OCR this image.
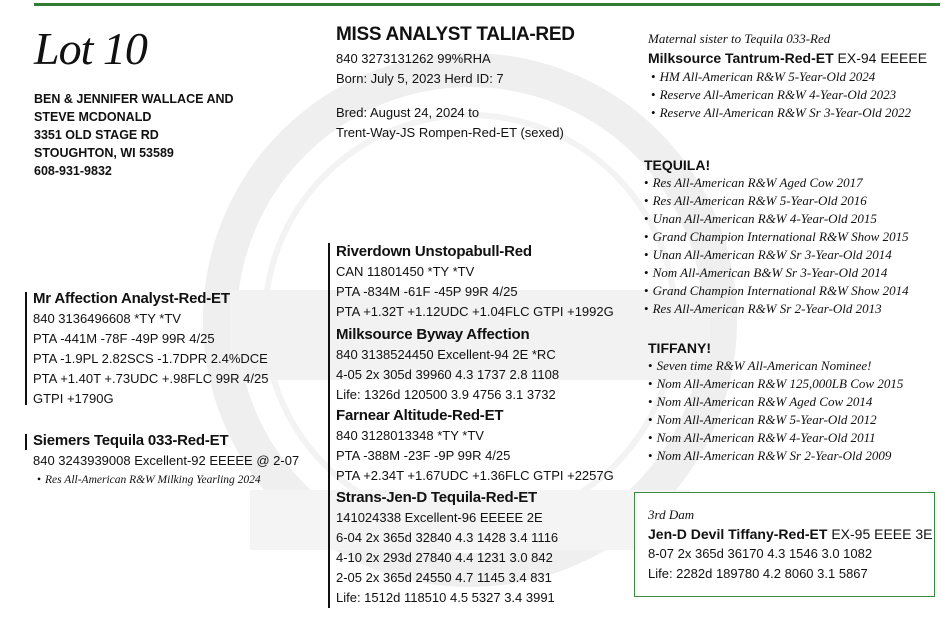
Lot 10
BEN & JENNIFER WALLACE AND
STEVE MCDONALD
3351 OLD STAGE RD
STOUGHTON, WI 53589
608-931-9832
MISS ANALYST TALIA-RED
840 3273131262 99%RHA
Born: July 5, 2023 Herd ID: 7
Bred: August 24, 2024 to
Trent-Way-JS Rompen-Red-ET (sexed)
Mr Affection Analyst-Red-ET
840 3136496608 *TY *TV
PTA -441M -78F -49P 99R 4/25
PTA -1.9PL 2.82SCS -1.7DPR 2.4%DCE
PTA +1.40T +.73UDC +.98FLC 99R 4/25
GTPI +1790G
Siemers Tequila 033-Red-ET
840 3243939008 Excellent-92 EEEEE @ 2-07
• Res All-American R&W Milking Yearling 2024
Riverdown Unstopabull-Red
CAN 11801450 *TY *TV
PTA -834M -61F -45P 99R 4/25
PTA +1.32T +1.12UDC +1.04FLC GTPI +1992G
Milksource Byway Affection
840 3138524450 Excellent-94 2E *RC
4-05 2x 305d 39960 4.3 1737 2.8 1108
Life: 1326d 120500 3.9 4756 3.1 3732
Farnear Altitude-Red-ET
840 3128013348 *TY *TV
PTA -388M -23F -9P 99R 4/25
PTA +2.34T +1.67UDC +1.36FLC GTPI +2257G
Strans-Jen-D Tequila-Red-ET
141024338 Excellent-96 EEEEE 2E
6-04 2x 365d 32840 4.3 1428 3.4 1116
4-10 2x 293d 27840 4.4 1231 3.0 842
2-05 2x 365d 24550 4.7 1145 3.4 831
Life: 1512d 118510 4.5 5327 3.4 3991
Maternal sister to Tequila 033-Red
Milksource Tantrum-Red-ET EX-94 EEEEE
• HM All-American R&W 5-Year-Old 2024
• Reserve All-American R&W 4-Year-Old 2023
• Reserve All-American R&W Sr 3-Year-Old 2022
TEQUILA!
• Res All-American R&W Aged Cow 2017
• Res All-American R&W 5-Year-Old 2016
• Unan All-American R&W 4-Year-Old 2015
• Grand Champion International R&W Show 2015
• Unan All-American R&W Sr 3-Year-Old 2014
• Nom All-American B&W Sr 3-Year-Old 2014
• Grand Champion International R&W Show 2014
• Res All-American R&W Sr 2-Year-Old 2013
TIFFANY!
• Seven time R&W All-American Nominee!
• Nom All-American R&W 125,000LB Cow 2015
• Nom All-American R&W Aged Cow 2014
• Nom All-American R&W 5-Year-Old 2012
• Nom All-American R&W 4-Year-Old 2011
• Nom All-American R&W Sr 2-Year-Old 2009
3rd Dam
Jen-D Devil Tiffany-Red-ET EX-95 EEEE 3E
8-07 2x 365d 36170 4.3 1546 3.0 1082
Life: 2282d 189780 4.2 8060 3.1 5867
